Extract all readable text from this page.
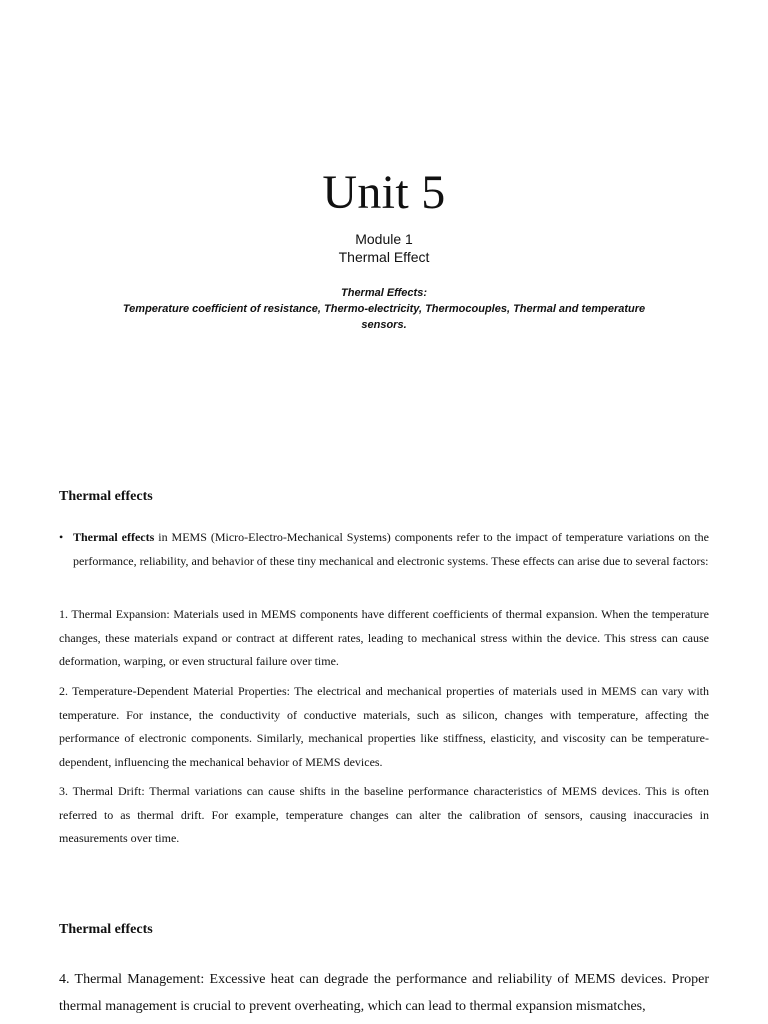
Unit 5
Module 1
Thermal Effect
Thermal Effects:
Temperature coefficient of resistance, Thermo-electricity, Thermocouples, Thermal and temperature sensors.
Thermal effects
• Thermal effects in MEMS (Micro-Electro-Mechanical Systems) components refer to the impact of temperature variations on the performance, reliability, and behavior of these tiny mechanical and electronic systems. These effects can arise due to several factors:
1. Thermal Expansion: Materials used in MEMS components have different coefficients of thermal expansion. When the temperature changes, these materials expand or contract at different rates, leading to mechanical stress within the device. This stress can cause deformation, warping, or even structural failure over time.
2. Temperature-Dependent Material Properties: The electrical and mechanical properties of materials used in MEMS can vary with temperature. For instance, the conductivity of conductive materials, such as silicon, changes with temperature, affecting the performance of electronic components. Similarly, mechanical properties like stiffness, elasticity, and viscosity can be temperature-dependent, influencing the mechanical behavior of MEMS devices.
3. Thermal Drift: Thermal variations can cause shifts in the baseline performance characteristics of MEMS devices. This is often referred to as thermal drift. For example, temperature changes can alter the calibration of sensors, causing inaccuracies in measurements over time.
Thermal effects
4. Thermal Management: Excessive heat can degrade the performance and reliability of MEMS devices. Proper thermal management is crucial to prevent overheating, which can lead to thermal expansion mismatches,
